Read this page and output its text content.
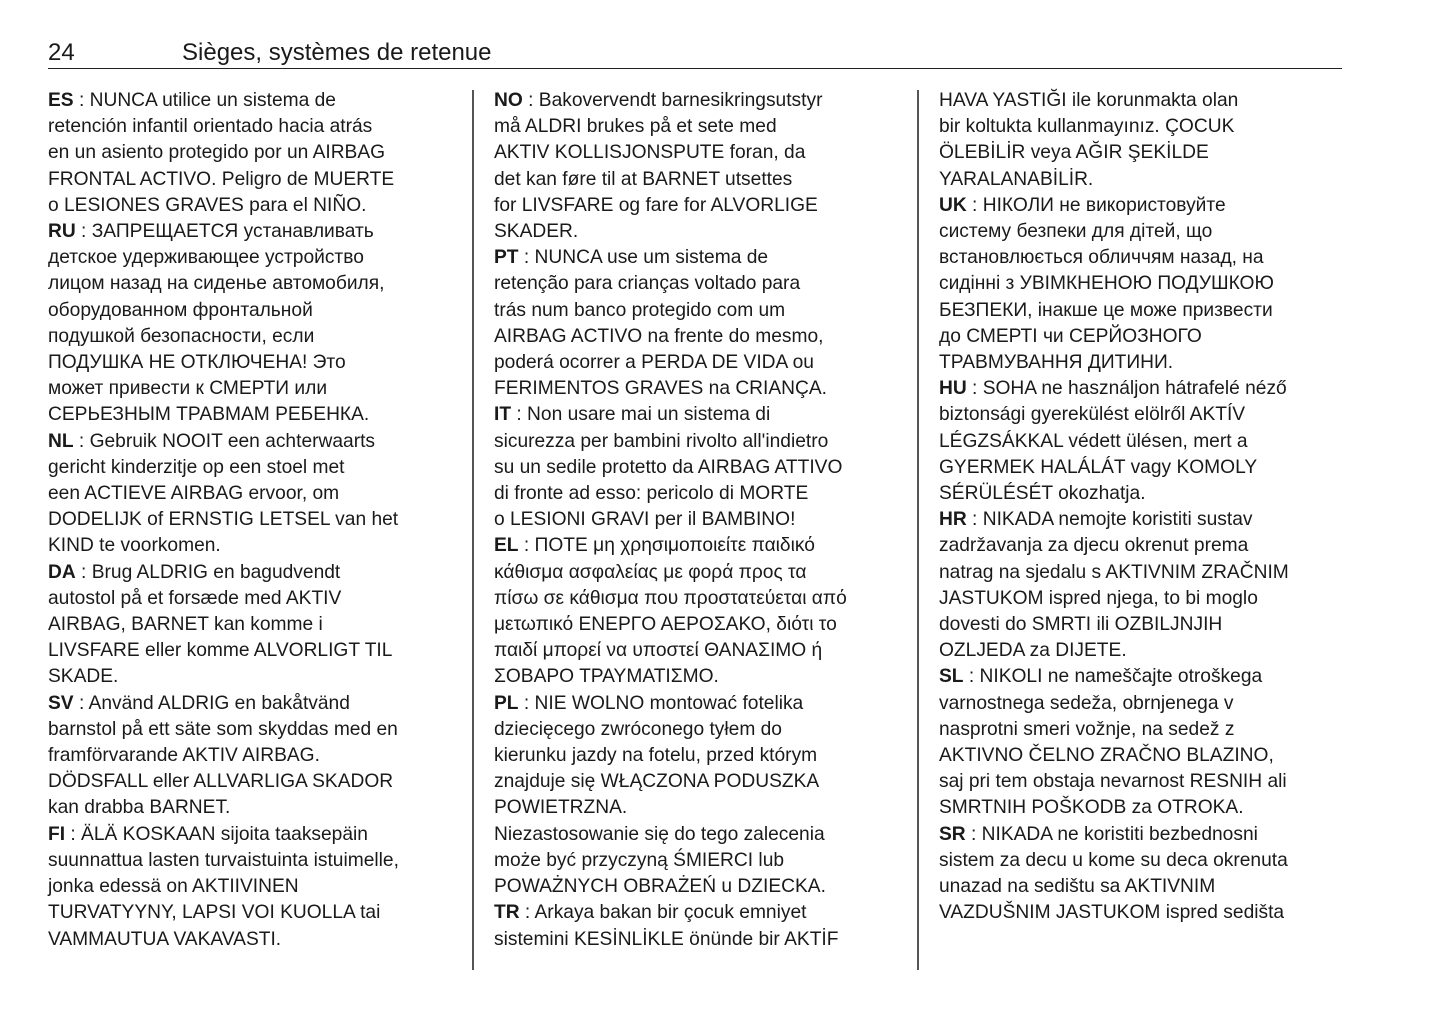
24	Sièges, systèmes de retenue
ES : NUNCA utilice un sistema de
retención infantil orientado hacia atrás
en un asiento protegido por un AIRBAG
FRONTAL ACTIVO. Peligro de MUERTE
o LESIONES GRAVES para el NIÑO.
RU : ЗАПРЕЩАЕТСЯ устанавливать
детское удерживающее устройство
лицом назад на сиденье автомобиля,
оборудованном фронтальной
подушкой безопасности, если
ПОДУШКА НЕ ОТКЛЮЧЕНА! Это
может привести к СМЕРТИ или
СЕРЬЕЗНЫМ ТРАВМАМ РЕБЕНКА.
NL : Gebruik NOOIT een achterwaarts
gericht kinderzitje op een stoel met
een ACTIEVE AIRBAG ervoor, om
DODELIJK of ERNSTIG LETSEL van het
KIND te voorkomen.
DA : Brug ALDRIG en bagudvendt
autostol på et forsæde med AKTIV
AIRBAG, BARNET kan komme i
LIVSFARE eller komme ALVORLIGT TIL
SKADE.
SV : Använd ALDRIG en bakåtvänd
barnstol på ett säte som skyddas med en
framförvarande AKTIV AIRBAG.
DÖDSFALL eller ALLVARLIGA SKADOR
kan drabba BARNET.
FI : ÄLÄ KOSKAAN sijoita taaksepäin
suunnattua lasten turvaistuinta istuimelle,
jonka edessä on AKTIIVINEN
TURVATYYNY, LAPSI VOI KUOLLA tai
VAMMAUTUA VAKAVASTI.
NO : Bakovervendt barnesikringsutstyr
må ALDRI brukes på et sete med
AKTIV KOLLISJONSPUTE foran, da
det kan føre til at BARNET utsettes
for LIVSFARE og fare for ALVORLIGE
SKADER.
PT : NUNCA use um sistema de
retenção para crianças voltado para
trás num banco protegido com um
AIRBAG ACTIVO na frente do mesmo,
poderá ocorrer a PERDA DE VIDA ou
FERIMENTOS GRAVES na CRIANÇA.
IT : Non usare mai un sistema di
sicurezza per bambini rivolto all'indietro
su un sedile protetto da AIRBAG ATTIVO
di fronte ad esso: pericolo di MORTE
o LESIONI GRAVI per il BAMBINO!
EL : ΠΟΤΕ μη χρησιμοποιείτε παιδικό
κάθισμα ασφαλείας με φορά προς τα
πίσω σε κάθισμα που προστατεύεται από
μετωπικό ΕΝΕΡΓΟ ΑΕΡΟΣΑΚΟ, διότι το
παιδί μπορεί να υποστεί ΘΑΝΑΣΙΜΟ ή
ΣΟΒΑΡΟ ΤΡΑΥΜΑΤΙΣΜΟ.
PL : NIE WOLNO montować fotelika
dziecięcego zwróconego tyłem do
kierunku jazdy na fotelu, przed którym
znajduje się WŁĄCZONA PODUSZKA
POWIETRZNA.
Niezastosowanie się do tego zalecenia
może być przyczyną ŚMIERCI lub
POWAŻNYCH OBRAŻEŃ u DZIECKA.
TR : Arkaya bakan bir çocuk emniyet
sistemini KESİNLİKLE önünde bir AKTİF
HAVA YASTIĞI ile korunmakta olan
bir koltukta kullanmayınız. ÇOCUK
ÖLEBİLİR veya AĞIR ŞEKİLDE
YARALANABİLİR.
UK : НІКОЛИ не використовуйте
систему безпеки для дітей, що
встановлюється обличчям назад, на
сидінні з УВІМКНЕНОЮ ПОДУШКОЮ
БЕЗПЕКИ, інакше це може призвести
до СМЕРТІ чи СЕРЙОЗНОГО
ТРАВМУВАННЯ ДИТИНИ.
HU : SOHA ne használjon hátrafelé néző
biztonsági gyerekülést elölről AKTÍV
LÉGZSÁKKAL védett ülésen, mert a
GYERMEK HALÁLÁT vagy KOMOLY
SÉRÜLÉSÉT okozhatja.
HR : NIKADA nemojte koristiti sustav
zadržavanja za djecu okrenut prema
natrag na sjedalu s AKTIVNIM ZRAČNIM
JASTUKOM ispred njega, to bi moglo
dovesti do SMRTI ili OZBILJNJIH
OZLJEDA za DIJETE.
SL : NIKOLI ne nameščajte otroškega
varnostnega sedeža, obrnjenega v
nasprotni smeri vožnje, na sedež z
AKTIVNO ČELNO ZRAČNO BLAZINO,
saj pri tem obstaja nevarnost RESNIH ali
SMRTNIH POŠKODB za OTROKA.
SR : NIKADA ne koristiti bezbednosni
sistem za decu u kome su deca okrenuta
unazad na sedištu sa AKTIVNIM
VAZDUŠNIM JASTUKOM ispred sedišta
